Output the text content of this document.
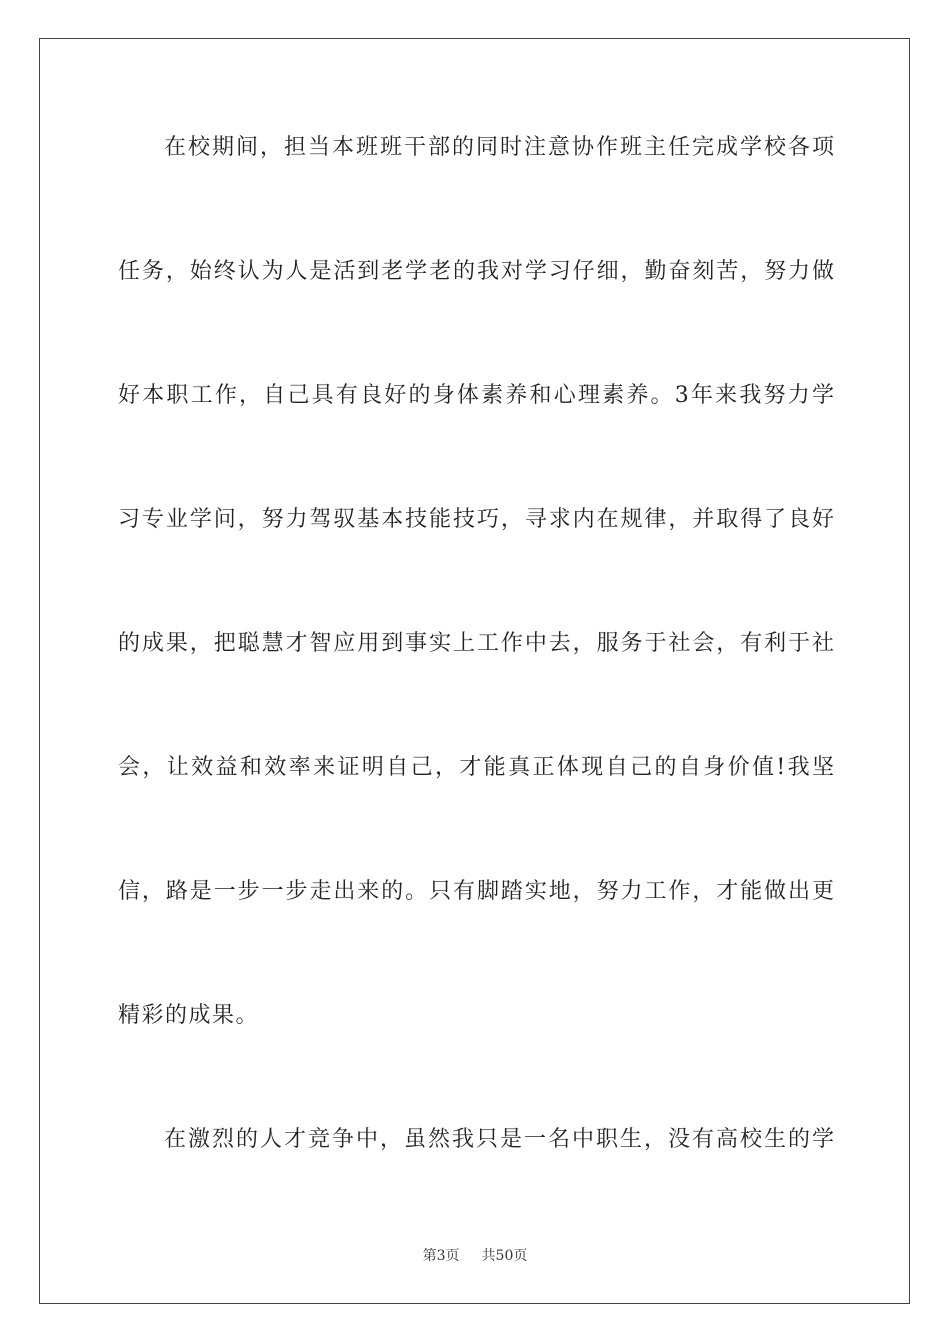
在校期间，担当本班班干部的同时注意协作班主任完成学校各项
任务，始终认为人是活到老学老的我对学习仔细，勤奋刻苦，努力做
好本职工作，自己具有良好的身体素养和心理素养。3年来我努力学
习专业学问，努力驾驭基本技能技巧，寻求内在规律，并取得了良好
的成果，把聪慧才智应用到事实上工作中去，服务于社会，有利于社
会，让效益和效率来证明自己，才能真正体现自己的自身价值!我坚
信，路是一步一步走出来的。只有脚踏实地，努力工作，才能做出更
精彩的成果。
在激烈的人才竞争中，虽然我只是一名中职生，没有高校生的学
第3页 共50页
